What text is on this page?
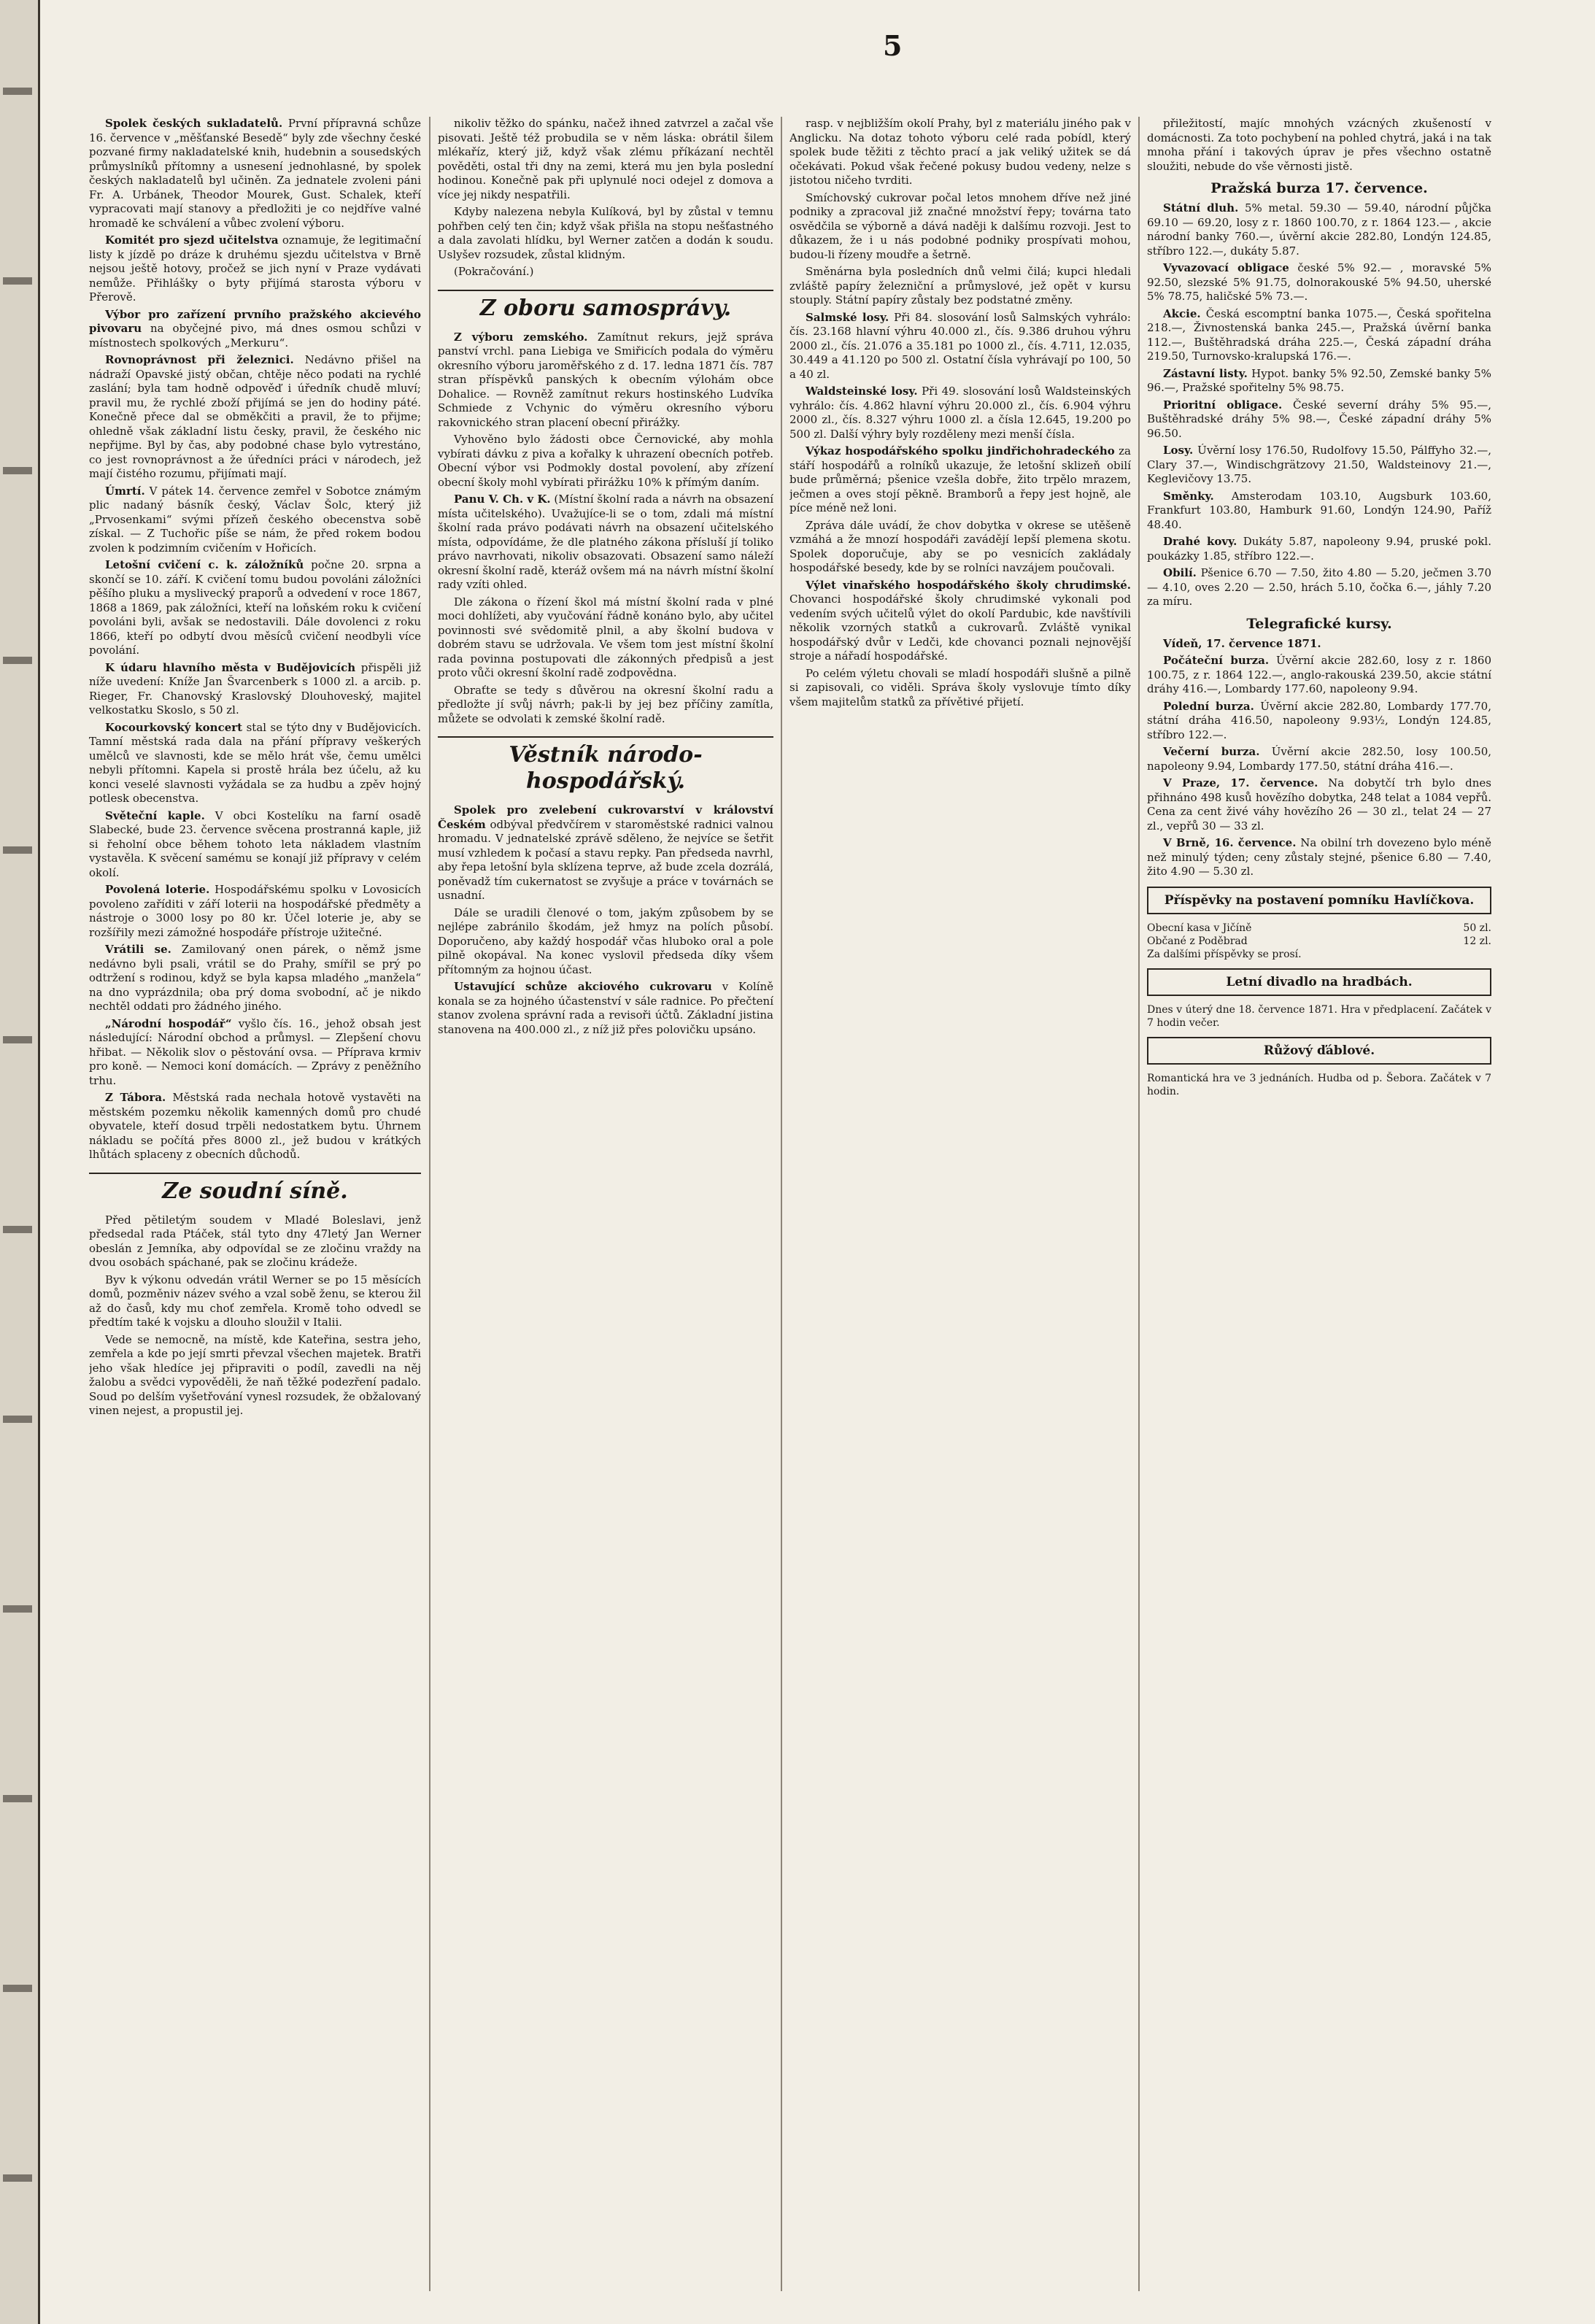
5

Spolek českých sukladatelů. První přípravná schůze 16. července v „měšťanské Besedě“ byly zde všechny české pozvané firmy nakladatelské knih, hudebnin a sousedských průmyslníků přítomny a usnesení jednohlasné, by spolek českých nakladatelů byl učiněn. Za jednatele zvoleni páni Fr. A. Urbánek, Theodor Mourek, Gust. Schalek, kteří vypracovati mají stanovy a předložiti je co nejdříve valné hromadě ke schválení a vůbec zvolení výboru.

Komitét pro sjezd učitelstva oznamuje, že legitimační listy k jízdě po dráze k druhému sjezdu učitelstva v Brně nejsou ještě hotovy, pročež se jich nyní v Praze vydávati nemůže. Přihlášky o byty přijímá starosta výboru v Přerově.

Výbor pro zařízení prvního pražského akcievého pivovaru na obyčejné pivo, má dnes osmou schůzi v místnostech spolkových „Merkuru“.

Rovnoprávnost při železnici. Nedávno přišel na nádraží Opavské jistý občan, chtěje něco podati na rychlé zaslání; byla tam hodně odpověď i úředník chudě mluví; pravil mu, že rychlé zboží přijímá se jen do hodiny páté. Konečně přece dal se obměkčiti a pravil, že to přijme; ohledně však základní listu česky, pravil, že českého nic nepřijme. Byl by čas, aby podobné chase bylo vytrestáno, co jest rovnoprávnost a že úředníci práci v národech, jež mají čistého rozumu, přijímati mají.

Úmrtí. V pátek 14. července zemřel v Sobotce známým plic nadaný básník český, Václav Šolc, který již „Prvosenkami“ svými přízeň českého obecenstva sobě získal. — Z Tuchořic píše se nám, že před rokem bodou zvolen k podzimním cvičením v Hořicích.

Letošní cvičení c. k. záložníků počne 20. srpna a skončí se 10. září. K cvičení tomu budou povoláni záložníci pěšího pluku a myslivecký praporů a odvedení v roce 1867, 1868 a 1869, pak záložníci, kteří na loňském roku k cvičení povoláni byli, avšak se nedostavili. Dále dovolenci z roku 1866, kteří po odbytí dvou měsíců cvičení neodbyli více povolání.

K údaru hlavního města v Budějovicích přispěli již níže uvedení: Kníže Jan Švarcenberk s 1000 zl. a arcib. p. Rieger, Fr. Chanovský Kraslovský Dlouhoveský, majitel velkostatku Skoslo, s 50 zl.

Kocourkovský koncert stal se týto dny v Budějovicích. Tamní městská rada dala na přání přípravy veškerých umělců ve slavnosti, kde se mělo hrát vše, čemu umělci nebyli přítomni. Kapela si prostě hrála bez účelu, až ku konci veselé slavnosti vyžádala se za hudbu a zpěv hojný potlesk obecenstva.

Světeční kaple. V obci Kostelíku na farní osadě Slabecké, bude 23. července svěcena prostranná kaple, již si řeholní obce během tohoto leta nákladem vlastním vystavěla. K svěcení samému se konají již přípravy v celém okolí.

Povolená loterie. Hospodářskému spolku v Lovosicích povoleno zaříditi v září loterii na hospodářské předměty a nástroje o 3000 losy po 80 kr. Účel loterie je, aby se rozšířily mezi zámožné hospodáře přístroje užitečné.

Vrátili se. Zamilovaný onen párek, o němž jsme nedávno byli psali, vrátil se do Prahy, smířil se prý po odtržení s rodinou, když se byla kapsa mladého „manžela“ na dno vyprázdnila; oba prý doma svobodní, ač je nikdo nechtěl oddati pro žádného jiného.

„Národní hospodář“ vyšlo čís. 16., jehož obsah jest následující: Národní obchod a průmysl. — Zlepšení chovu hřibat. — Několik slov o pěstování ovsa. — Příprava krmiv pro koně. — Nemoci koní domácích. — Zprávy z peněžního trhu.

Z Tábora. Městská rada nechala hotově vystavěti na městském pozemku několik kamenných domů pro chudé obyvatele, kteří dosud trpěli nedostatkem bytu. Úhrnem nákladu se počítá přes 8000 zl., jež budou v krátkých lhůtách splaceny z obecních důchodů.

Ze soudní síně.

Před pětiletým soudem v Mladé Boleslavi, jenž předsedal rada Ptáček, stál tyto dny 47letý Jan Werner obeslán z Jemníka, aby odpovídal se ze zločinu vraždy na dvou osobách spáchané, pak se zločinu krádeže.

Byv k výkonu odvedán vrátil Werner se po 15 měsících domů, pozměniv název svého a vzal sobě ženu, se kterou žil až do časů, kdy mu choť zemřela. Kromě toho odvedl se předtím také k vojsku a dlouho sloužil v Italii.

Vede se nemocně, na místě, kde Kateřina, sestra jeho, zemřela a kde po její smrti převzal všechen majetek. Bratři jeho však hledíce jej připraviti o podíl, zavedli na něj žalobu a svědci vypověděli, že naň těžké podezření padalo. Soud po delším vyšetřování vynesl rozsudek, že obžalovaný vinen nejest, a propustil jej.

nikoliv těžko do spánku, načež ihned zatvrzel a začal vše pisovati. Ještě též probudila se v něm láska: obrátil šilem mlékaříz, který již, když však zlému příkázaní nechtěl pověděti, ostal tři dny na zemi, která mu jen byla poslední hodinou. Konečně pak při uplynulé noci odejel z domova a více jej nikdy nespatřili.

Kdyby nalezena nebyla Kulíková, byl by zůstal v temnu pohřben celý ten čin; když však přišla na stopu nešťastného a dala zavolati hlídku, byl Werner zatčen a dodán k soudu. Uslyšev rozsudek, zůstal klidným.

(Pokračování.)

Z oboru samosprávy.

Z výboru zemského. Zamítnut rekurs, jejž správa panství vrchl. pana Liebiga ve Smiřicích podala do výměru okresního výboru jaroměřského z d. 17. ledna 1871 čís. 787 stran příspěvků panských k obecním výlohám obce Dohalice. — Rovněž zamítnut rekurs hostinského Ludvíka Schmiede z Vchynic do výměru okresního výboru rakovnického stran placení obecní přirážky.

Vyhověno bylo žádosti obce Černovické, aby mohla vybírati dávku z piva a kořalky k uhrazení obecních potřeb. Obecní výbor vsi Podmokly dostal povolení, aby zřízení obecní školy mohl vybírati přirážku 10% k přímým daním.

Panu V. Ch. v K. (Místní školní rada a návrh na obsazení místa učitelského). Uvažujíce-li se o tom, zdali má místní školní rada právo podávati návrh na obsazení učitelského místa, odpovídáme, že dle platného zákona přísluší jí toliko právo navrhovati, nikoliv obsazovati. Obsazení samo náleží okresní školní radě, kteráž ovšem má na návrh místní školní rady vzíti ohled.

Dle zákona o řízení škol má místní školní rada v plné moci dohlížeti, aby vyučování řádně konáno bylo, aby učitel povinnosti své svědomitě plnil, a aby školní budova v dobrém stavu se udržovala. Ve všem tom jest místní školní rada povinna postupovati dle zákonných předpisů a jest proto vůči okresní školní radě zodpovědna.

Obraťte se tedy s důvěrou na okresní školní radu a předložte jí svůj návrh; pak-li by jej bez příčiny zamítla, můžete se odvolati k zemské školní radě.

Věstník národo-hospodářský.

Spolek pro zvelebení cukrovarství v království Českém odbýval předvčírem v staroměstské radnici valnou hromadu. V jednatelské zprávě sděleno, že nejvíce se šetřit musí vzhledem k počasí a stavu repky. Pan předseda navrhl, aby řepa letošní byla sklízena teprve, až bude zcela dozrálá, poněvadž tím cukernatost se zvyšuje a práce v továrnách se usnadní.

Dále se uradili členové o tom, jakým způsobem by se nejlépe zabránilo škodám, jež hmyz na polích působí. Doporučeno, aby každý hospodář včas hluboko oral a pole pilně okopával. Na konec vyslovil předseda díky všem přítomným za hojnou účast.

Ustavující schůze akciového cukrovaru v Kolíně konala se za hojného účastenství v sále radnice. Po přečtení stanov zvolena správní rada a revisoři účtů. Základní jistina stanovena na 400.000 zl., z níž již přes polovičku upsáno.

rasp. v nejbližším okolí Prahy, byl z materiálu jiného pak v Anglicku. Na dotaz tohoto výboru celé rada pobídl, který spolek bude těžiti z těchto prací a jak veliký užitek se dá očekávati. Pokud však řečené pokusy budou vedeny, nelze s jistotou ničeho tvrditi.

Smíchovský cukrovar počal letos mnohem dříve než jiné podniky a zpracoval již značné množství řepy; továrna tato osvědčila se výborně a dává naději k dalšímu rozvoji. Jest to důkazem, že i u nás podobné podniky prospívati mohou, budou-li řízeny moudře a šetrně.

Směnárna byla posledních dnů velmi čilá; kupci hledali zvláště papíry železniční a průmyslové, jež opět v kursu stouply. Státní papíry zůstaly bez podstatné změny.

Salmské losy. Při 84. slosování losů Salmských vyhrálo: čís. 23.168 hlavní výhru 40.000 zl., čís. 9.386 druhou výhru 2000 zl., čís. 21.076 a 35.181 po 1000 zl., čís. 4.711, 12.035, 30.449 a 41.120 po 500 zl. Ostatní čísla vyhrávají po 100, 50 a 40 zl.

Waldsteinské losy. Při 49. slosování losů Waldsteinských vyhrálo: čís. 4.862 hlavní výhru 20.000 zl., čís. 6.904 výhru 2000 zl., čís. 8.327 výhru 1000 zl. a čísla 12.645, 19.200 po 500 zl. Další výhry byly rozděleny mezi menší čísla.

Výkaz hospodářského spolku jindřichohradeckého za stáří hospodářů a rolníků ukazuje, že letošní sklizeň obilí bude průměrná; pšenice vzešla dobře, žito trpělo mrazem, ječmen a oves stojí pěkně. Bramborů a řepy jest hojně, ale píce méně než loni.

Zpráva dále uvádí, že chov dobytka v okrese se utěšeně vzmáhá a že mnozí hospodáři zavádějí lepší plemena skotu. Spolek doporučuje, aby se po vesnicích zakládaly hospodářské besedy, kde by se rolníci navzájem poučovali.

Výlet vinařského hospodářského školy chrudimské. Chovanci hospodářské školy chrudimské vykonali pod vedením svých učitelů výlet do okolí Pardubic, kde navštívili několik vzorných statků a cukrovarů. Zvláště vynikal hospodářský dvůr v Ledči, kde chovanci poznali nejnovější stroje a nářadí hospodářské.

Po celém výletu chovali se mladí hospodáři slušně a pilně si zapisovali, co viděli. Správa školy vyslovuje tímto díky všem majitelům statků za přívětivé přijetí.

přiležitostí, majíc mnohých vzácných zkušeností v domácnosti. Za toto pochybení na pohled chytrá, jaká i na tak mnoha přání i takových úprav je přes všechno ostatně sloužiti, nebude do vše věrnosti jistě.

Pražská burza 17. července.

Státní dluh. 5% metal. 59.30 — 59.40, národní půjčka 69.10 — 69.20, losy z r. 1860 100.70, z r. 1864 123.— , akcie národní banky 760.—, úvěrní akcie 282.80, Londýn 124.85, stříbro 122.—, dukáty 5.87.

Vyvazovací obligace české 5% 92.— , moravské 5% 92.50, slezské 5% 91.75, dolnorakouské 5% 94.50, uherské 5% 78.75, haličské 5% 73.—.

Akcie. Česká escomptní banka 1075.—, Česká spořitelna 218.—, Živnostenská banka 245.—, Pražská úvěrní banka 112.—, Buštěhradská dráha 225.—, Česká západní dráha 219.50, Turnovsko-kralupská 176.—.

Zástavní listy. Hypot. banky 5% 92.50, Zemské banky 5% 96.—, Pražské spořitelny 5% 98.75.

Prioritní obligace. České severní dráhy 5% 95.—, Buštěhradské dráhy 5% 98.—, České západní dráhy 5% 96.50.

Losy. Úvěrní losy 176.50, Rudolfovy 15.50, Pálffyho 32.—, Clary 37.—, Windischgrätzovy 21.50, Waldsteinovy 21.—, Keglevičovy 13.75.

Směnky. Amsterodam 103.10, Augsburk 103.60, Frankfurt 103.80, Hamburk 91.60, Londýn 124.90, Paříž 48.40.

Drahé kovy. Dukáty 5.87, napoleony 9.94, pruské pokl. poukázky 1.85, stříbro 122.—.

Obilí. Pšenice 6.70 — 7.50, žito 4.80 — 5.20, ječmen 3.70 — 4.10, oves 2.20 — 2.50, hrách 5.10, čočka 6.—, jáhly 7.20 za míru.

Telegrafické kursy.

Vídeň, 17. července 1871.

Počáteční burza. Úvěrní akcie 282.60, losy z r. 1860 100.75, z r. 1864 122.—, anglo-rakouská 239.50, akcie státní dráhy 416.—, Lombardy 177.60, napoleony 9.94.

Polední burza. Úvěrní akcie 282.80, Lombardy 177.70, státní dráha 416.50, napoleony 9.93½, Londýn 124.85, stříbro 122.—.

Večerní burza. Úvěrní akcie 282.50, losy 100.50, napoleony 9.94, Lombardy 177.50, státní dráha 416.—.

V Praze, 17. července. Na dobytčí trh bylo dnes přihnáno 498 kusů hovězího dobytka, 248 telat a 1084 vepřů. Cena za cent živé váhy hovězího 26 — 30 zl., telat 24 — 27 zl., vepřů 30 — 33 zl.

V Brně, 16. července. Na obilní trh dovezeno bylo méně než minulý týden; ceny zůstaly stejné, pšenice 6.80 — 7.40, žito 4.90 — 5.30 zl.

Příspěvky na postavení pomníku Havlíčkova.
Obecní kasa v Jičíně	50 zl.
Občané z Poděbrad	12 zl.
Za dalšími příspěvky se prosí.
Letní divadlo na hradbách.

Dnes v úterý dne 18. července 1871. Hra v předplacení. Začátek v 7 hodin večer.

Růžový ďáblové.

Romantická hra ve 3 jednáních. Hudba od p. Šebora. Začátek v 7 hodin.
